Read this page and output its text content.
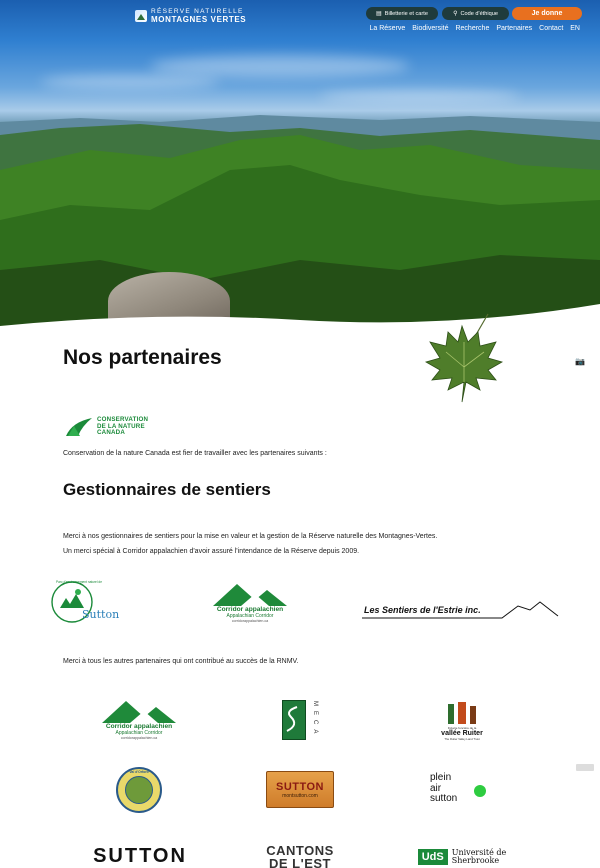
RÉSERVE NATURELLE
MONTAGNES VERTES
▤ Billetterie et carte	⚲ Code d'éthique	Je donne
La Réserve Biodiversité Recherche Partenaires Contact EN
Nos partenaires	📷
CONSERVATION
DE LA NATURE
CANADA

Conservation de la nature Canada est fier de travailler avec les partenaires suivants :

Gestionnaires de sentiers

Merci à nos gestionnaires de sentiers pour la mise en valeur et la gestion de la Réserve naturelle des Montagnes-Vertes.

Un merci spécial à Corridor appalachien d'avoir assuré l'intendance de la Réserve depuis 2009.

Sutton
Parc d'environnement naturel de
Corridor appalachien
Appalachian Corridor
corridorappalachien.ca
Les Sentiers de l'Estrie inc.

Merci à tous les autres partenaires qui ont contribué au succès de la RNMV.

Corridor appalachien
Appalachian Corridor
corridorappalachien.ca	MECA	Fiducie foncière de la
vallée Ruiter
The Ruiter Valley Land Trust
Val d'Orford
SUTTON
montsutton.com
plein
air
sutton
SUTTON	CANTONS
DE L'EST	UdS	Université de
Sherbrooke
